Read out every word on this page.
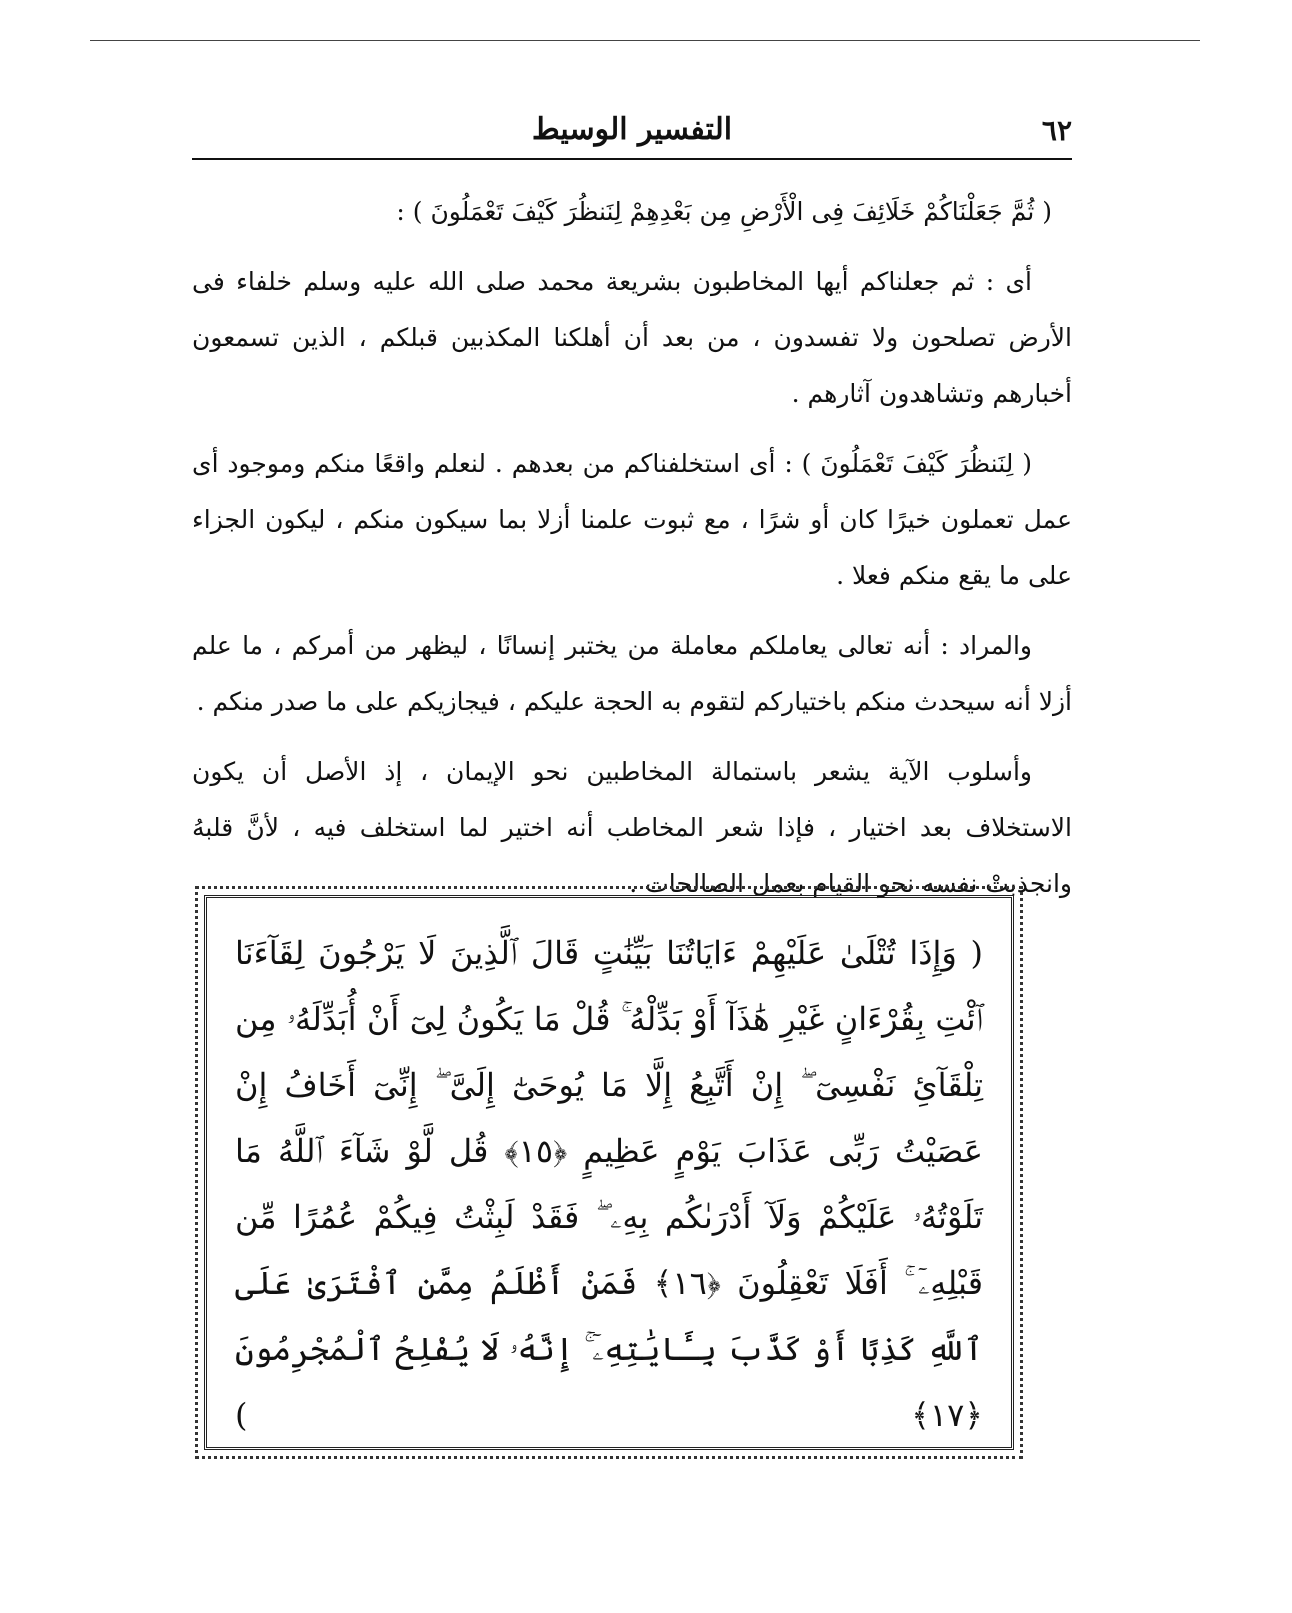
التفسير الوسيط	٦٢

( ثُمَّ جَعَلْنَاكُمْ خَلَائِفَ فِى الْأَرْضِ مِن بَعْدِهِمْ لِنَنظُرَ كَيْفَ تَعْمَلُونَ ) :

أى : ثم جعلناكم أيها المخاطبون بشريعة محمد صلى الله عليه وسلم خلفاء فى الأرض تصلحون ولا تفسدون ، من بعد أن أهلكنا المكذبين قبلكم ، الذين تسمعون أخبارهم وتشاهدون آثارهم .

( لِنَنظُرَ كَيْفَ تَعْمَلُونَ ) : أى استخلفناكم من بعدهم . لنعلم واقعًا منكم وموجود أى عمل تعملون خيرًا كان أو شرًا ، مع ثبوت علمنا أزلا بما سيكون منكم ، ليكون الجزاء على ما يقع منكم فعلا .

والمراد : أنه تعالى يعاملكم معاملة من يختبر إنسانًا ، ليظهر من أمركم ، ما علم أزلا أنه سيحدث منكم باختياركم لتقوم به الحجة عليكم ، فيجازيكم على ما صدر منكم .

وأسلوب الآية يشعر باستمالة المخاطبين نحو الإيمان ، إذ الأصل أن يكون الاستخلاف بعد اختيار ، فإذا شعر المخاطب أنه اختير لما استخلف فيه ، لأنَّ قلبهُ وانجذبتْ نفسه نحو القيام بعمل الصالحات .

( وَإِذَا تُتْلَىٰ عَلَيْهِمْ ءَايَاتُنَا بَيِّنَٰتٍ قَالَ ٱلَّذِينَ لَا يَرْجُونَ لِقَآءَنَا ٱئْتِ بِقُرْءَانٍ غَيْرِ هَٰذَآ أَوْ بَدِّلْهُ ۚ قُلْ مَا يَكُونُ لِىٓ أَنْ أُبَدِّلَهُۥ مِن تِلْقَآئِ نَفْسِىٓ ۖ إِنْ أَتَّبِعُ إِلَّا مَا يُوحَىٰٓ إِلَىَّ ۖ إِنِّىٓ أَخَافُ إِنْ عَصَيْتُ رَبِّى عَذَابَ يَوْمٍ عَظِيمٍ ﴿١٥﴾ قُل لَّوْ شَآءَ ٱللَّهُ مَا تَلَوْتُهُۥ عَلَيْكُمْ وَلَآ أَدْرَىٰكُم بِهِۦ ۖ فَقَدْ لَبِثْتُ فِيكُمْ عُمُرًا مِّن قَبْلِهِۦٓ ۚ أَفَلَا تَعْقِلُونَ ﴿١٦﴾ فَمَنْ أَظْلَمُ مِمَّنِ ٱفْتَرَىٰ عَلَى ٱللَّهِ كَذِبًا أَوْ كَذَّبَ بِـَٔايَٰتِهِۦٓ ۚ إِنَّهُۥ لَا يُفْلِحُ ٱلْمُجْرِمُونَ ﴿١٧﴾ )
